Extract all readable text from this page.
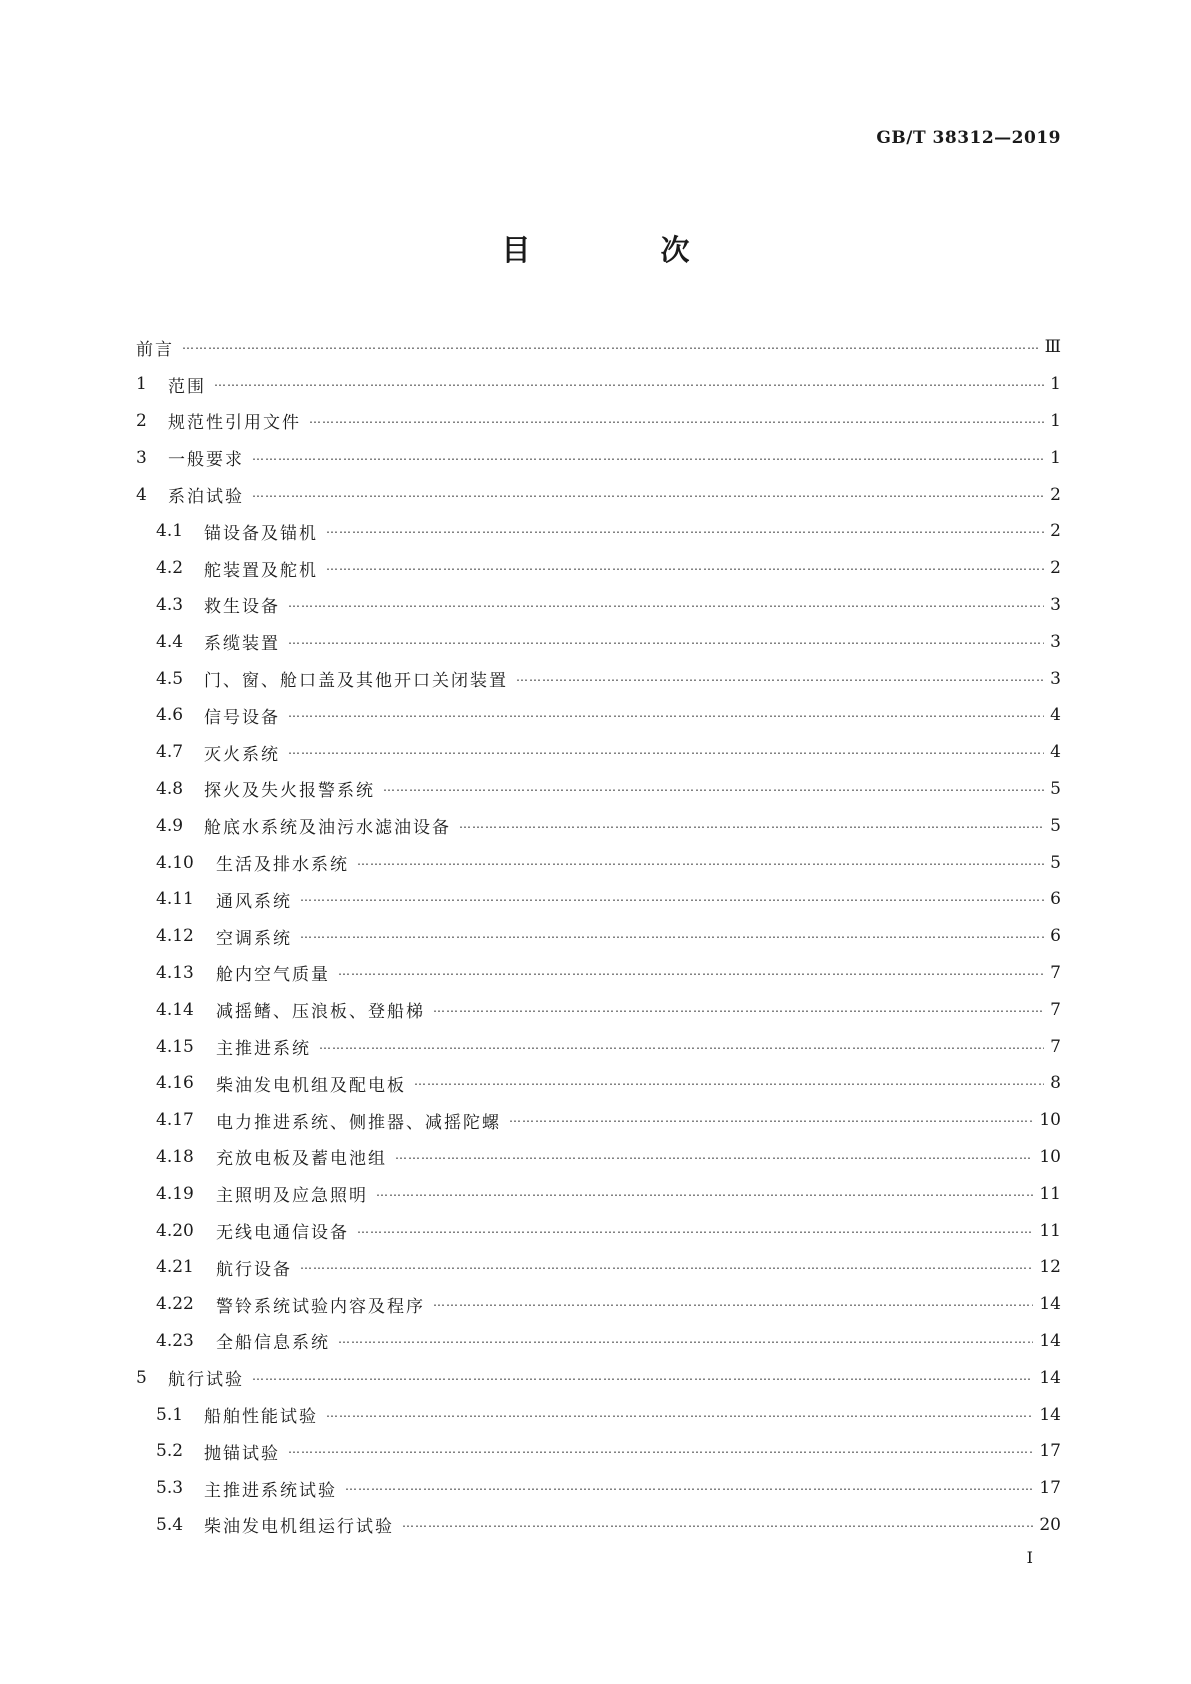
GB/T 38312—2019
目 次
前言 …………………………………………………………………………………………………………………………………………………………………………………………………………………………………………………………………………………	Ⅲ
1	范围 …………………………………………………………………………………………………………………………………………………………………………………………………………………………………………………………………………………	1
2	规范性引用文件 …………………………………………………………………………………………………………………………………………………………………………………………………………………………………………………………………………………	1
3	一般要求 …………………………………………………………………………………………………………………………………………………………………………………………………………………………………………………………………………………	1
4	系泊试验 …………………………………………………………………………………………………………………………………………………………………………………………………………………………………………………………………………………	2
4.1	锚设备及锚机 …………………………………………………………………………………………………………………………………………………………………………………………………………………………………………………………………………………	2
4.2	舵装置及舵机 …………………………………………………………………………………………………………………………………………………………………………………………………………………………………………………………………………………	2
4.3	救生设备 …………………………………………………………………………………………………………………………………………………………………………………………………………………………………………………………………………………	3
4.4	系缆装置 …………………………………………………………………………………………………………………………………………………………………………………………………………………………………………………………………………………	3
4.5	门、窗、舱口盖及其他开口关闭装置 …………………………………………………………………………………………………………………………………………………………………………………………………………………………………………………………………………………	3
4.6	信号设备 …………………………………………………………………………………………………………………………………………………………………………………………………………………………………………………………………………………	4
4.7	灭火系统 …………………………………………………………………………………………………………………………………………………………………………………………………………………………………………………………………………………	4
4.8	探火及失火报警系统 …………………………………………………………………………………………………………………………………………………………………………………………………………………………………………………………………………………	5
4.9	舱底水系统及油污水滤油设备 …………………………………………………………………………………………………………………………………………………………………………………………………………………………………………………………………………………	5
4.10	生活及排水系统 …………………………………………………………………………………………………………………………………………………………………………………………………………………………………………………………………………………	5
4.11	通风系统 …………………………………………………………………………………………………………………………………………………………………………………………………………………………………………………………………………………	6
4.12	空调系统 …………………………………………………………………………………………………………………………………………………………………………………………………………………………………………………………………………………	6
4.13	舱内空气质量 …………………………………………………………………………………………………………………………………………………………………………………………………………………………………………………………………………………	7
4.14	减摇鳍、压浪板、登船梯 …………………………………………………………………………………………………………………………………………………………………………………………………………………………………………………………………………………	7
4.15	主推进系统 …………………………………………………………………………………………………………………………………………………………………………………………………………………………………………………………………………………	7
4.16	柴油发电机组及配电板 …………………………………………………………………………………………………………………………………………………………………………………………………………………………………………………………………………………	8
4.17	电力推进系统、侧推器、减摇陀螺 …………………………………………………………………………………………………………………………………………………………………………………………………………………………………………………………………………………	10
4.18	充放电板及蓄电池组 …………………………………………………………………………………………………………………………………………………………………………………………………………………………………………………………………………………	10
4.19	主照明及应急照明 …………………………………………………………………………………………………………………………………………………………………………………………………………………………………………………………………………………	11
4.20	无线电通信设备 …………………………………………………………………………………………………………………………………………………………………………………………………………………………………………………………………………………	11
4.21	航行设备 …………………………………………………………………………………………………………………………………………………………………………………………………………………………………………………………………………………	12
4.22	警铃系统试验内容及程序 …………………………………………………………………………………………………………………………………………………………………………………………………………………………………………………………………………………	14
4.23	全船信息系统 …………………………………………………………………………………………………………………………………………………………………………………………………………………………………………………………………………………	14
5	航行试验 …………………………………………………………………………………………………………………………………………………………………………………………………………………………………………………………………………………	14
5.1	船舶性能试验 …………………………………………………………………………………………………………………………………………………………………………………………………………………………………………………………………………………	14
5.2	抛锚试验 …………………………………………………………………………………………………………………………………………………………………………………………………………………………………………………………………………………	17
5.3	主推进系统试验 …………………………………………………………………………………………………………………………………………………………………………………………………………………………………………………………………………………	17
5.4	柴油发电机组运行试验 …………………………………………………………………………………………………………………………………………………………………………………………………………………………………………………………………………………	20
I
